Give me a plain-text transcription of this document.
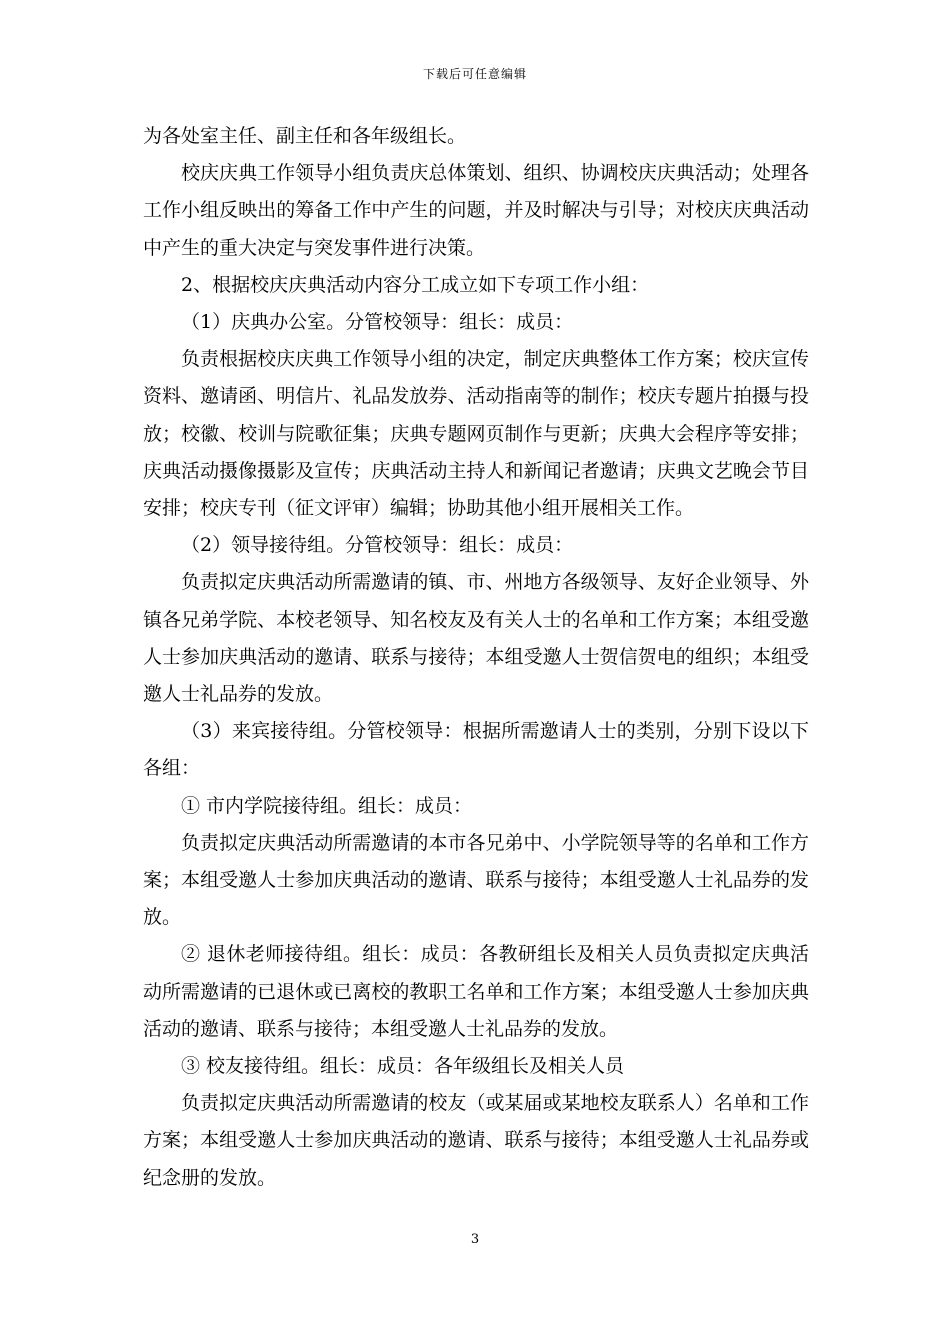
下载后可任意编辑

为各处室主任、副主任和各年级组长。

校庆庆典工作领导小组负责庆总体策划、组织、协调校庆庆典活动；处理各工作小组反映出的筹备工作中产生的问题，并及时解决与引导；对校庆庆典活动中产生的重大决定与突发事件进行决策。

2、根据校庆庆典活动内容分工成立如下专项工作小组：

（1）庆典办公室。分管校领导：组长：成员：

负责根据校庆庆典工作领导小组的决定，制定庆典整体工作方案；校庆宣传资料、邀请函、明信片、礼品发放券、活动指南等的制作；校庆专题片拍摄与投放；校徽、校训与院歌征集；庆典专题网页制作与更新；庆典大会程序等安排；庆典活动摄像摄影及宣传；庆典活动主持人和新闻记者邀请；庆典文艺晚会节目安排；校庆专刊（征文评审）编辑；协助其他小组开展相关工作。

（2）领导接待组。分管校领导：组长：成员：

负责拟定庆典活动所需邀请的镇、市、州地方各级领导、友好企业领导、外镇各兄弟学院、本校老领导、知名校友及有关人士的名单和工作方案；本组受邀人士参加庆典活动的邀请、联系与接待；本组受邀人士贺信贺电的组织；本组受邀人士礼品券的发放。

（3）来宾接待组。分管校领导：根据所需邀请人士的类别，分别下设以下各组：

① 市内学院接待组。组长：成员：

负责拟定庆典活动所需邀请的本市各兄弟中、小学院领导等的名单和工作方案；本组受邀人士参加庆典活动的邀请、联系与接待；本组受邀人士礼品券的发放。

② 退休老师接待组。组长：成员：各教研组长及相关人员负责拟定庆典活动所需邀请的已退休或已离校的教职工名单和工作方案；本组受邀人士参加庆典活动的邀请、联系与接待；本组受邀人士礼品券的发放。

③ 校友接待组。组长：成员：各年级组长及相关人员

负责拟定庆典活动所需邀请的校友（或某届或某地校友联系人）名单和工作方案；本组受邀人士参加庆典活动的邀请、联系与接待；本组受邀人士礼品券或纪念册的发放。

3
